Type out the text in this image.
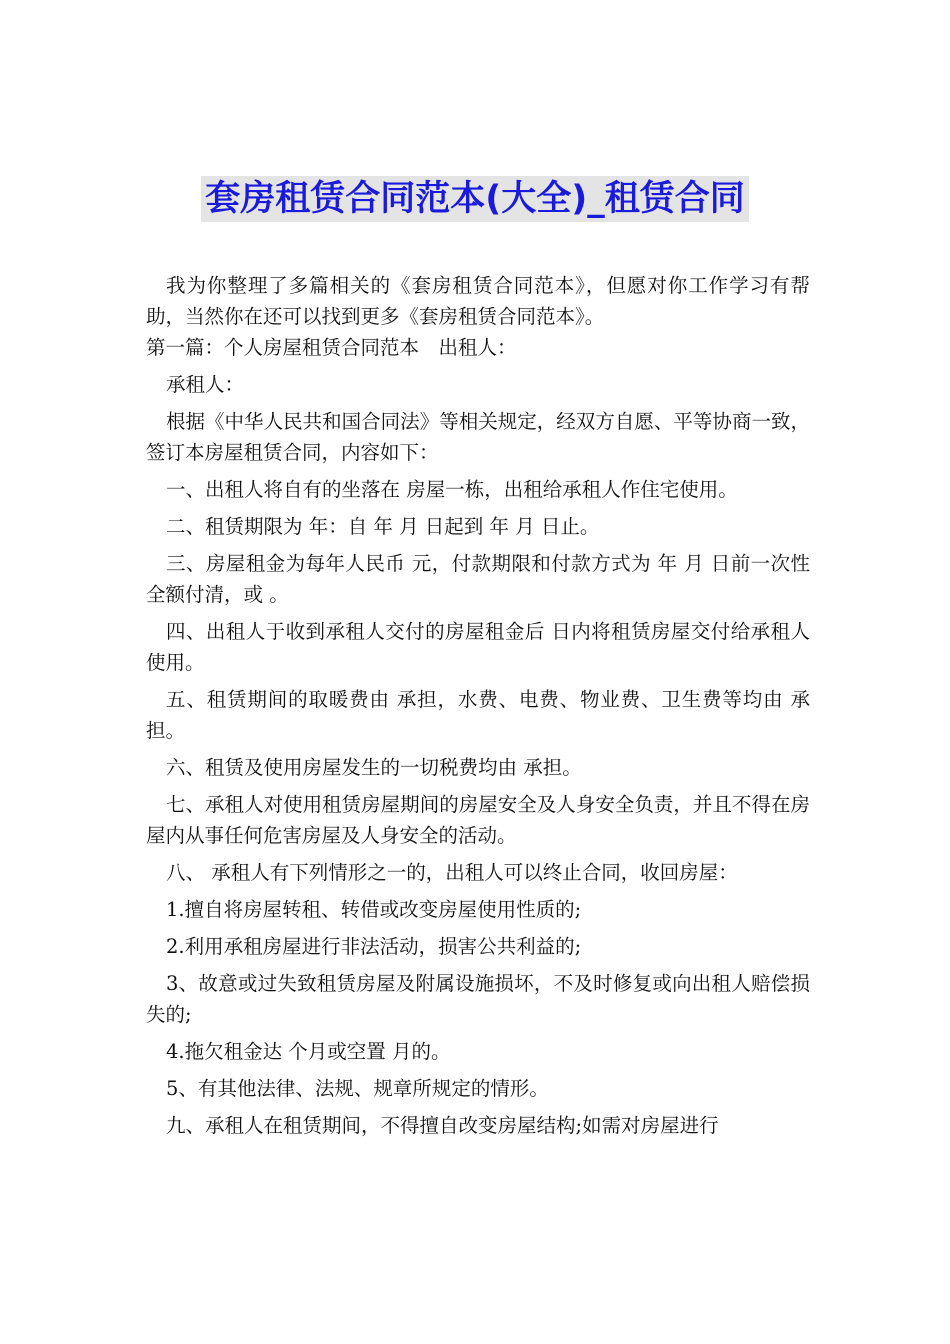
套房租赁合同范本(大全)_租赁合同

我为你整理了多篇相关的《套房租赁合同范本》，但愿对你工作学习有帮助，当然你在还可以找到更多《套房租赁合同范本》。

第一篇：个人房屋租赁合同范本　出租人：

承租人：

根据《中华人民共和国合同法》等相关规定，经双方自愿、平等协商一致，签订本房屋租赁合同，内容如下：

一、出租人将自有的坐落在 房屋一栋，出租给承租人作住宅使用。

二、租赁期限为 年：自 年 月 日起到 年 月 日止。

三、房屋租金为每年人民币 元，付款期限和付款方式为 年 月 日前一次性全额付清，或 。

四、出租人于收到承租人交付的房屋租金后 日内将租赁房屋交付给承租人使用。

五、租赁期间的取暖费由 承担，水费、电费、物业费、卫生费等均由 承担。

六、租赁及使用房屋发生的一切税费均由 承担。

七、承租人对使用租赁房屋期间的房屋安全及人身安全负责，并且不得在房屋内从事任何危害房屋及人身安全的活动。

八、 承租人有下列情形之一的，出租人可以终止合同，收回房屋：

1.擅自将房屋转租、转借或改变房屋使用性质的;

2.利用承租房屋进行非法活动，损害公共利益的;

3、故意或过失致租赁房屋及附属设施损坏，不及时修复或向出租人赔偿损失的;

4.拖欠租金达 个月或空置 月的。

5、有其他法律、法规、规章所规定的情形。

九、承租人在租赁期间，不得擅自改变房屋结构;如需对房屋进行
